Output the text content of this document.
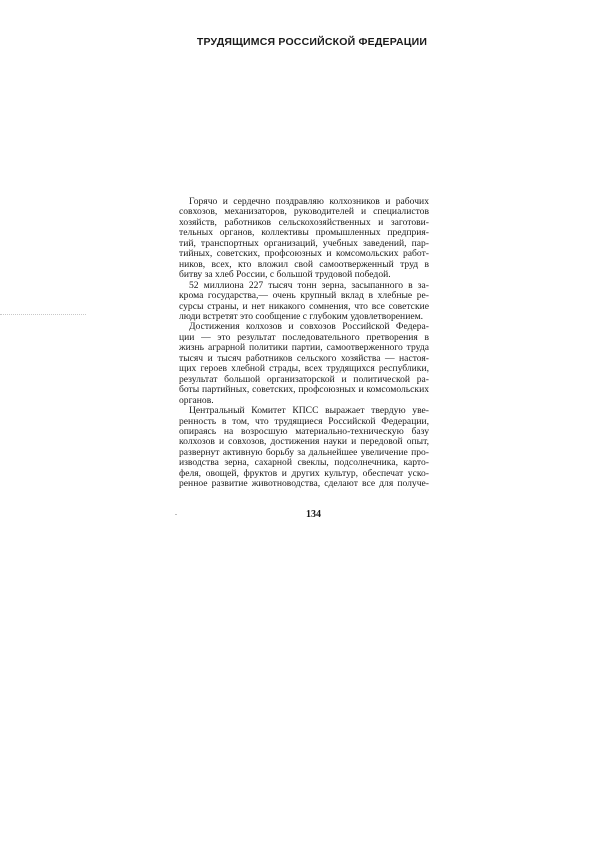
ТРУДЯЩИМСЯ РОССИЙСКОЙ ФЕДЕРАЦИИ
Горячо и сердечно поздравляю колхозников и рабочих
совхозов, механизаторов, руководителей и специалистов
хозяйств, работников сельскохозяйственных и заготови-
тельных органов, коллективы промышленных предприя-
тий, транспортных организаций, учебных заведений, пар-
тийных, советских, профсоюзных и комсомольских работ-
ников, всех, кто вложил свой самоотверженный труд в
битву за хлеб России, с большой трудовой победой.
52 миллиона 227 тысяч тонн зерна, засыпанного в за-
крома государства,— очень крупный вклад в хлебные ре-
сурсы страны, и нет никакого сомнения, что все советские
люди встретят это сообщение с глубоким удовлетворением.
Достижения колхозов и совхозов Российской Федера-
ции — это результат последовательного претворения в
жизнь аграрной политики партии, самоотверженного труда
тысяч и тысяч работников сельского хозяйства — настоя-
щих героев хлебной страды, всех трудящихся республики,
результат большой организаторской и политической ра-
боты партийных, советских, профсоюзных и комсомольских
органов.
Центральный Комитет КПСС выражает твердую уве-
ренность в том, что трудящиеся Российской Федерации,
опираясь на возросшую материально-техническую базу
колхозов и совхозов, достижения науки и передовой опыт,
развернут активную борьбу за дальнейшее увеличение про-
изводства зерна, сахарной свеклы, подсолнечника, карто-
феля, овощей, фруктов и других культур, обеспечат уско-
ренное развитие животноводства, сделают все для получе-
134
